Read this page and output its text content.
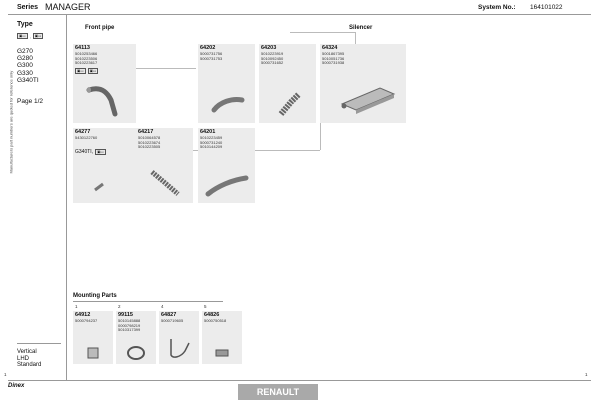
Series MANAGER	System No.: 164101022
Manufacturers part numbers are quoted for reference only
Type
▣▭	,	▣▭
G270
G280
G300
G330
G340TI
Page 1/2
Vertical
LHD
Standard
Front pipe	Silencer
64113
5010253466
5010223506
5010223617
▣▭	▣▭
64202
5000731756
5000731753
64203
5010223919
5010092450
5000731652
64324
5001867395
5010051736
5000731938
64277
5430122760
G340TI,	▣▭
64217
5010064578
5010223674
5010223505
64201
5010223459
5000731240
5010144209
Mounting Parts
1
64912
5000794237
2
99115
5010145888
0000798219
5010317399
4
64827
5000719605
5
64826
5000750518
1	1
Dinex
RENAULT
